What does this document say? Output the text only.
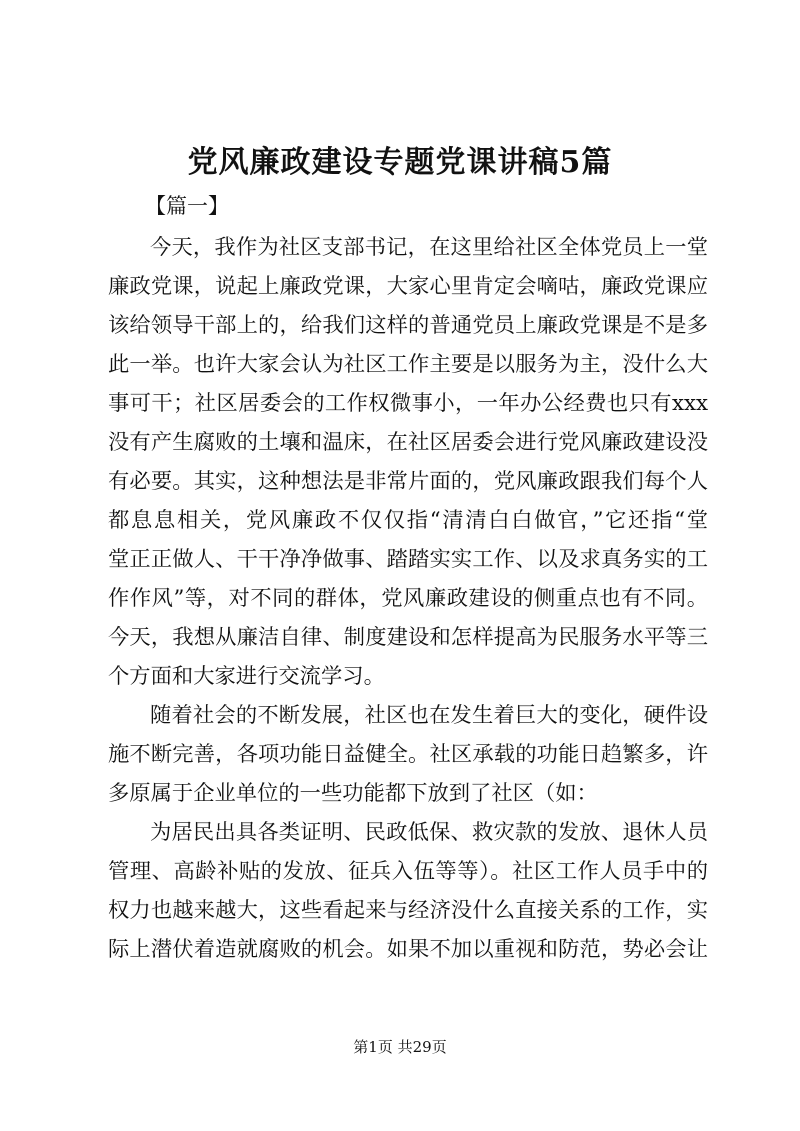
党风廉政建设专题党课讲稿5篇
【篇一】
今天，我作为社区支部书记，在这里给社区全体党员上一堂
廉政党课，说起上廉政党课，大家心里肯定会嘀咕，廉政党课应
该给领导干部上的，给我们这样的普通党员上廉政党课是不是多
此一举。也许大家会认为社区工作主要是以服务为主，没什么大
事可干；社区居委会的工作权微事小，一年办公经费也只有xxx
没有产生腐败的土壤和温床，在社区居委会进行党风廉政建设没
有必要。其实，这种想法是非常片面的，党风廉政跟我们每个人
都息息相关，党风廉政不仅仅指“清清白白做官，”它还指“堂
堂正正做人、干干净净做事、踏踏实实工作、以及求真务实的工
作作风”等，对不同的群体，党风廉政建设的侧重点也有不同。
今天，我想从廉洁自律、制度建设和怎样提高为民服务水平等三
个方面和大家进行交流学习。
随着社会的不断发展，社区也在发生着巨大的变化，硬件设
施不断完善，各项功能日益健全。社区承载的功能日趋繁多，许
多原属于企业单位的一些功能都下放到了社区（如：
为居民出具各类证明、民政低保、救灾款的发放、退休人员
管理、高龄补贴的发放、征兵入伍等等）。社区工作人员手中的
权力也越来越大，这些看起来与经济没什么直接关系的工作，实
际上潜伏着造就腐败的机会。如果不加以重视和防范，势必会让
第1页 共29页
